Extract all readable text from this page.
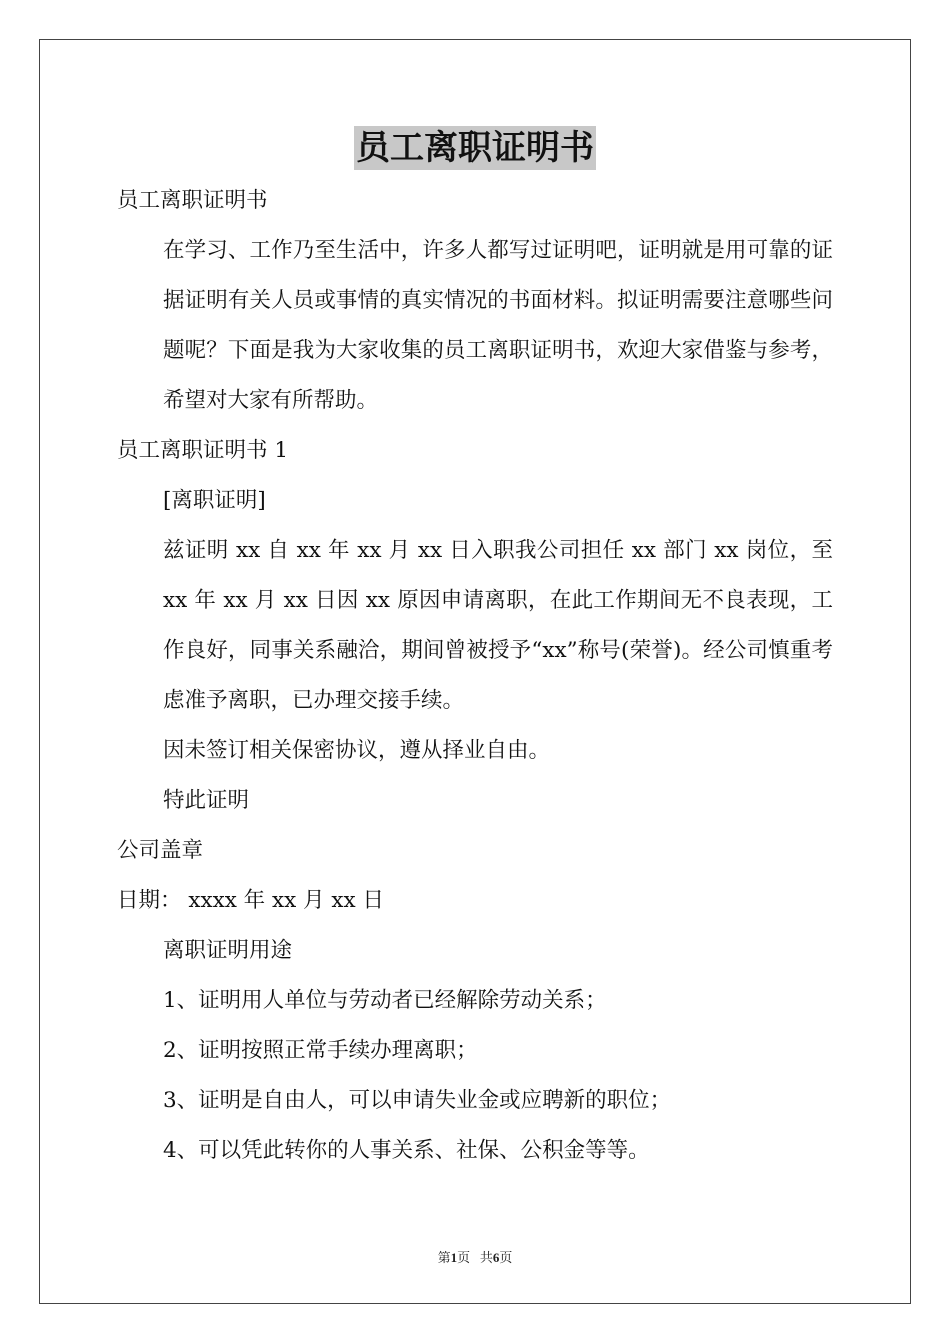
员工离职证明书
员工离职证明书
在学习、工作乃至生活中，许多人都写过证明吧，证明就是用可靠的证据证明有关人员或事情的真实情况的书面材料。拟证明需要注意哪些问题呢？下面是我为大家收集的员工离职证明书，欢迎大家借鉴与参考，希望对大家有所帮助。
员工离职证明书 1
[离职证明]
兹证明 xx 自 xx 年 xx 月 xx 日入职我公司担任 xx 部门 xx 岗位，至 xx 年 xx 月 xx 日因 xx 原因申请离职，在此工作期间无不良表现，工作良好，同事关系融洽，期间曾被授予“xx”称号(荣誉)。经公司慎重考虑准予离职，已办理交接手续。
因未签订相关保密协议，遵从择业自由。
特此证明
公司盖章
日期： xxxx 年 xx 月 xx 日
离职证明用途
1、证明用人单位与劳动者已经解除劳动关系；
2、证明按照正常手续办理离职；
3、证明是自由人，可以申请失业金或应聘新的职位；
4、可以凭此转你的人事关系、社保、公积金等等。
第1页   共6页
